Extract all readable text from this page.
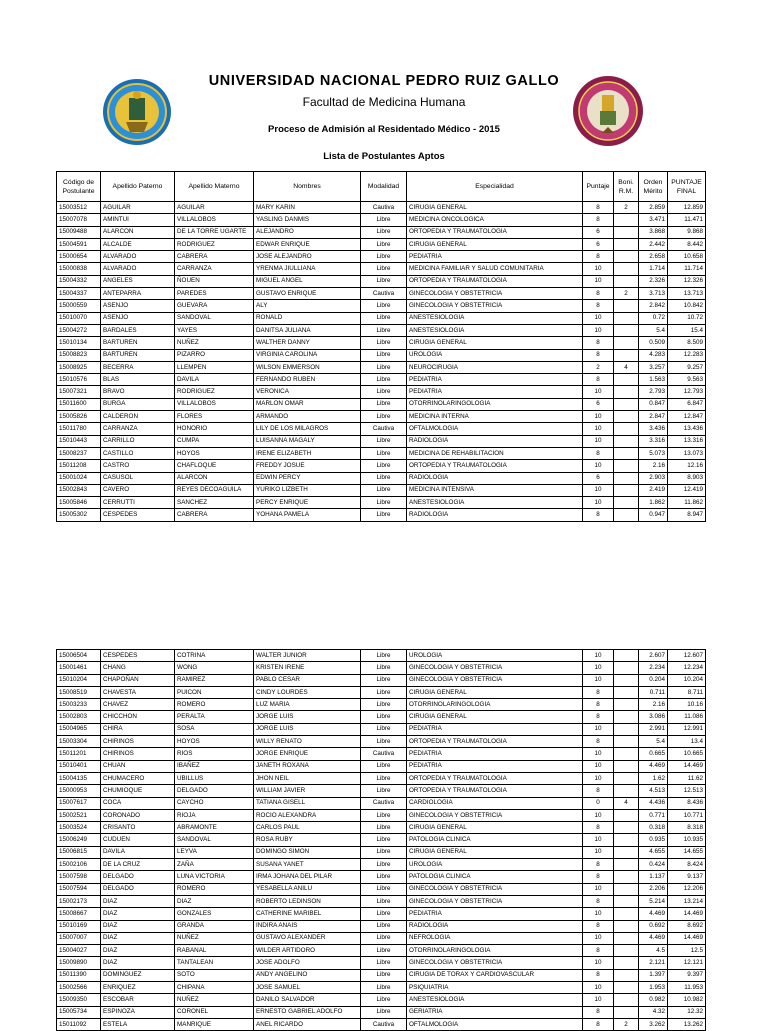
UNIVERSIDAD NACIONAL PEDRO RUIZ GALLO
Facultad de Medicina Humana
Proceso de Admisión al Residentado Médico - 2015
Lista de Postulantes Aptos
Código de Postulante	Apellido Paterno	Apellido Materno	Nombres	Modalidad	Especialidad	Puntaje	Boni. R.M.	Orden Mérito	PUNTAJE FINAL
15003512	AGUILAR	AGUILAR	MARY KARIN	Cautiva	CIRUGIA GENERAL	8	2	2.859	12.859
15007078	AMINTUI	VILLALOBOS	YASLING DANMIS	Libre	MEDICINA ONCOLOGICA	8		3.471	11.471
15009488	ALARCON	DE LA TORRE UGARTE	ALEJANDRO	Libre	ORTOPEDIA Y TRAUMATOLOGIA	6		3.868	9.868
15004591	ALCALDE	RODRIGUEZ	EDWAR ENRIQUE	Libre	CIRUGIA GENERAL	6		2.442	8.442
15000654	ALVARADO	CABRERA	JOSE ALEJANDRO	Libre	PEDIATRIA	8		2.658	10.658
15000838	ALVARADO	CARRANZA	YRENMA JIULLIANA	Libre	MEDICINA FAMILIAR Y SALUD COMUNITARIA	10		1.714	11.714
15004332	ANGELES	ÑOUEN	MIGUEL ANGEL	Libre	ORTOPEDIA Y TRAUMATOLOGIA	10		2.326	12.326
15004337	ANTEPARRA	PAREDES	GUSTAVO ENRIQUE	Cautiva	GINECOLOGIA Y OBSTETRICIA	8	2	3.713	13.713
15000559	ASENJO	GUEVARA	ALY	Libre	GINECOLOGIA Y OBSTETRICIA	8		2.842	10.842
15010070	ASENJO	SANDOVAL	RONALD	Libre	ANESTESIOLOGIA	10		0.72	10.72
15004272	BARDALES	YAYES	DANITSA JULIANA	Libre	ANESTESIOLOGIA	10		5.4	15.4
15010134	BARTUREN	NUÑEZ	WALTHER DANNY	Libre	CIRUGIA GENERAL	8		0.509	8.509
15008823	BARTUREN	PIZARRO	VIRGINIA CAROLINA	Libre	UROLOGIA	8		4.283	12.283
15008925	BECERRA	LLEMPEN	WILSON EMMERSON	Libre	NEUROCIRUGIA	2	4	3.257	9.257
15010576	BLAS	DAVILA	FERNANDO RUBEN	Libre	PEDIATRIA	8		1.563	9.563
15007321	BRAVO	RODRIGUEZ	VERONICA	Libre	PEDIATRIA	10		2.793	12.793
15011600	BURGA	VILLALOBOS	MARLON OMAR	Libre	OTORRINOLARINGOLOGIA	6		0.847	6.847
15005826	CALDERON	FLORES	ARMANDO	Libre	MEDICINA INTERNA	10		2.847	12.847
15011780	CARRANZA	HONORIO	LILY DE LOS MILAGROS	Cautiva	OFTALMOLOGIA	10		3.436	13.436
15010443	CARRILLO	CUMPA	LUISANNA MAGALY	Libre	RADIOLOGIA	10		3.316	13.316
15008237	CASTILLO	HOYOS	IRENE ELIZABETH	Libre	MEDICINA DE REHABILITACION	8		5.073	13.073
15011208	CASTRO	CHAFLOQUE	FREDDY JOSUE	Libre	ORTOPEDIA Y TRAUMATOLOGIA	10		2.16	12.16
15001024	CASUSOL	ALARCON	EDWIN PERCY	Libre	RADIOLOGIA	6		2.903	8.903
15002843	CAVERO	REYES DECOAGUILA	YURIKO LIZBETH	Libre	MEDICINA INTENSIVA	10		2.419	12.419
15005846	CERRUTTI	SANCHEZ	PERCY ENRIQUE	Libre	ANESTESIOLOGIA	10		1.862	11.862
15005302	CESPEDES	CABRERA	YOHANA PAMELA	Libre	RADIOLOGIA	8		0.947	8.947
15006504	CESPEDES	COTRINA	WALTER JUNIOR	Libre	UROLOGIA	10		2.607	12.607
15001461	CHANG	WONG	KRISTEN IRENE	Libre	GINECOLOGIA Y OBSTETRICIA	10		2.234	12.234
15010204	CHAPOÑAN	RAMIREZ	PABLO CESAR	Libre	GINECOLOGIA Y OBSTETRICIA	10		0.204	10.204
15008519	CHAVESTA	PUICON	CINDY LOURDES	Libre	CIRUGIA GENERAL	8		0.711	8.711
15003233	CHAVEZ	ROMERO	LUZ MARIA	Libre	OTORRINOLARINGOLOGIA	8		2.16	10.16
15002803	CHICCHON	PERALTA	JORGE LUIS	Libre	CIRUGIA GENERAL	8		3.086	11.086
15004965	CHIRA	SOSA	JORGE LUIS	Libre	PEDIATRIA	10		2.991	12.991
15003304	CHIRINOS	HOYOS	WILLY RENATO	Libre	ORTOPEDIA Y TRAUMATOLOGIA	8		5.4	13.4
15011201	CHIRINOS	RIOS	JORGE ENRIQUE	Cautiva	PEDIATRIA	10		0.665	10.665
15010401	CHUAN	IBAÑEZ	JANETH ROXANA	Libre	PEDIATRIA	10		4.469	14.469
15004135	CHUMACERO	UBILLUS	JHON NEIL	Libre	ORTOPEDIA Y TRAUMATOLOGIA	10		1.62	11.62
15000953	CHUMIOQUE	DELGADO	WILLIAM JAVIER	Libre	ORTOPEDIA Y TRAUMATOLOGIA	8		4.513	12.513
15007617	COCA	CAYCHO	TATIANA GISELL	Cautiva	CARDIOLOGIA	0	4	4.436	8.436
15002521	CORONADO	RIOJA	ROCIO ALEXANDRA	Libre	GINECOLOGIA Y OBSTETRICIA	10		0.771	10.771
15003524	CRISANTO	ABRAMONTE	CARLOS PAUL	Libre	CIRUGIA GENERAL	8		0.318	8.318
15006249	CUDUEN	SANDOVAL	ROSA RUBY	Libre	PATOLOGIA CLINICA	10		0.935	10.935
15006815	DAVILA	LEYVA	DOMINGO SIMON	Libre	CIRUGIA GENERAL	10		4.655	14.655
15002106	DE LA CRUZ	ZAÑA	SUSANA YANET	Libre	UROLOGIA	8		0.424	8.424
15007598	DELGADO	LUNA VICTORIA	IRMA JOHANA DEL PILAR	Libre	PATOLOGIA CLINICA	8		1.137	9.137
15007594	DELGADO	ROMERO	YESABELLA ANILU	Libre	GINECOLOGIA Y OBSTETRICIA	10		2.206	12.206
15002173	DIAZ	DIAZ	ROBERTO LEDINSON	Libre	GINECOLOGIA Y OBSTETRICIA	8		5.214	13.214
15008667	DIAZ	GONZALES	CATHERINE MARIBEL	Libre	PEDIATRIA	10		4.469	14.469
15010169	DIAZ	GRANDA	INDIRA ANAIS	Libre	RADIOLOGIA	8		0.692	8.692
15007007	DIAZ	NUÑEZ	GUSTAVO ALEXANDER	Libre	NEFROLOGIA	10		4.469	14.469
15004027	DIAZ	RABANAL	WILDER ARTIDORO	Libre	OTORRINOLARINGOLOGIA	8		4.5	12.5
15009890	DIAZ	TANTALEAN	JOSE ADOLFO	Libre	GINECOLOGIA Y OBSTETRICIA	10		2.121	12.121
15011390	DOMINGUEZ	SOTO	ANDY ANGELINO	Libre	CIRUGIA DE TORAX Y CARDIOVASCULAR	8		1.397	9.397
15002566	ENRIQUEZ	CHIPANA	JOSE SAMUEL	Libre	PSIQUIATRIA	10		1.953	11.953
15009350	ESCOBAR	NUÑEZ	DANILO SALVADOR	Libre	ANESTESIOLOGIA	10		0.982	10.982
15005734	ESPINOZA	CORONEL	ERNESTO GABRIEL ADOLFO	Libre	GERIATRIA	8		4.32	12.32
15011092	ESTELA	MANRIQUE	ANEL RICARDO	Cautiva	OFTALMOLOGIA	8	2	3.262	13.262
